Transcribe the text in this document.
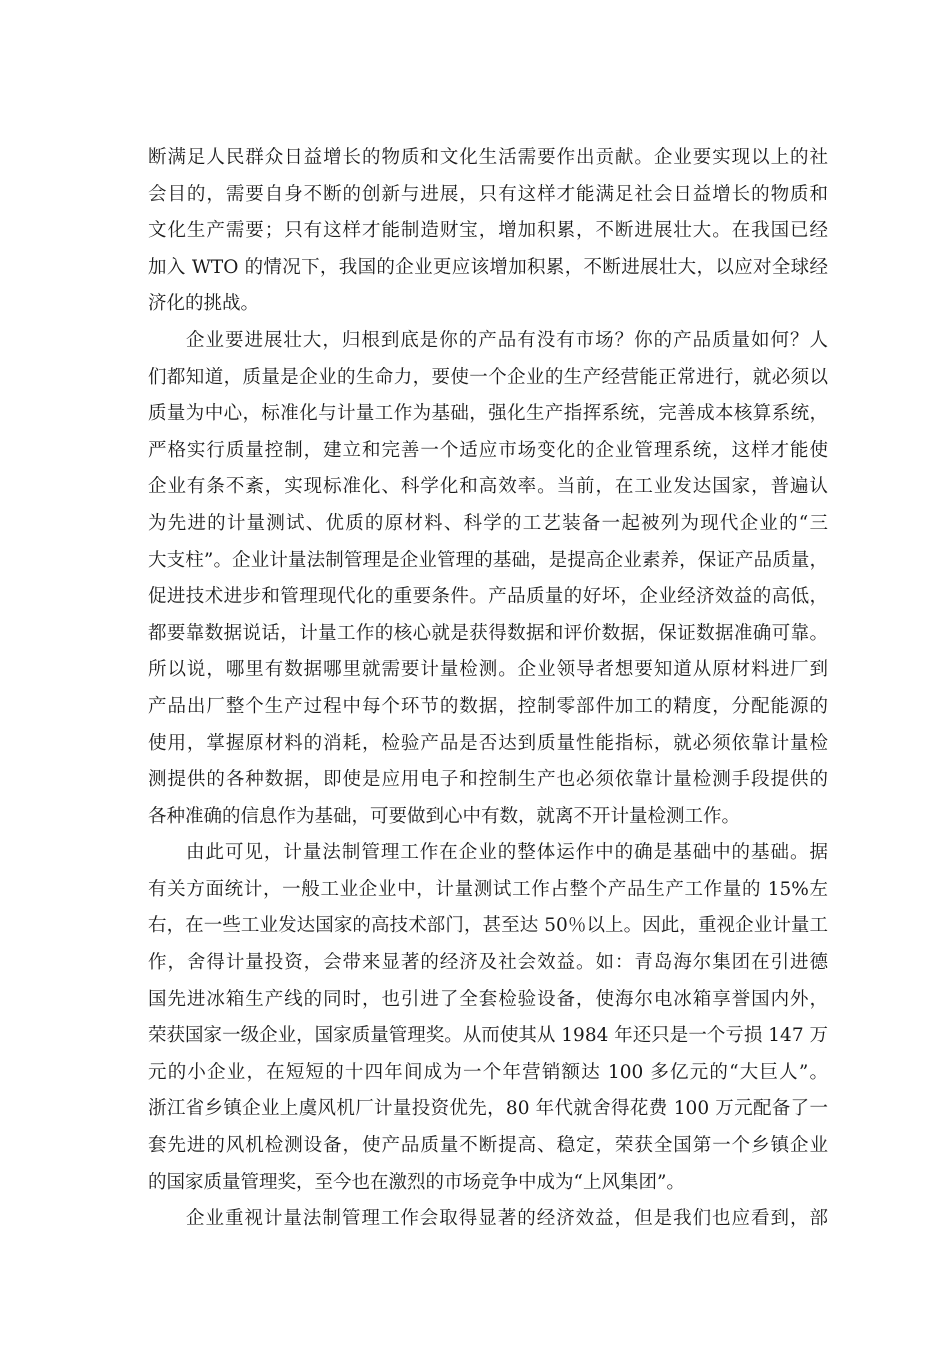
断满足人民群众日益增长的物质和文化生活需要作出贡献。企业要实现以上的社
会目的，需要自身不断的创新与进展，只有这样才能满足社会日益增长的物质和
文化生产需要；只有这样才能制造财宝，增加积累，不断进展壮大。在我国已经
加入 WTO 的情况下，我国的企业更应该增加积累，不断进展壮大，以应对全球经
济化的挑战。
企业要进展壮大，归根到底是你的产品有没有市场？你的产品质量如何？人
们都知道，质量是企业的生命力，要使一个企业的生产经营能正常进行，就必须以
质量为中心，标准化与计量工作为基础，强化生产指挥系统，完善成本核算系统，
严格实行质量控制，建立和完善一个适应市场变化的企业管理系统，这样才能使
企业有条不紊，实现标准化、科学化和高效率。当前，在工业发达国家，普遍认
为先进的计量测试、优质的原材料、科学的工艺装备一起被列为现代企业的“三
大支柱”。企业计量法制管理是企业管理的基础，是提高企业素养，保证产品质量，
促进技术进步和管理现代化的重要条件。产品质量的好坏，企业经济效益的高低，
都要靠数据说话，计量工作的核心就是获得数据和评价数据，保证数据准确可靠。
所以说，哪里有数据哪里就需要计量检测。企业领导者想要知道从原材料进厂到
产品出厂整个生产过程中每个环节的数据，控制零部件加工的精度，分配能源的
使用，掌握原材料的消耗，检验产品是否达到质量性能指标，就必须依靠计量检
测提供的各种数据，即使是应用电子和控制生产也必须依靠计量检测手段提供的
各种准确的信息作为基础，可要做到心中有数，就离不开计量检测工作。
由此可见，计量法制管理工作在企业的整体运作中的确是基础中的基础。据
有关方面统计，一般工业企业中，计量测试工作占整个产品生产工作量的 15%左
右，在一些工业发达国家的高技术部门，甚至达 50％以上。因此，重视企业计量工
作，舍得计量投资，会带来显著的经济及社会效益。如：青岛海尔集团在引进德
国先进冰箱生产线的同时，也引进了全套检验设备，使海尔电冰箱享誉国内外，
荣获国家一级企业，国家质量管理奖。从而使其从 1984 年还只是一个亏损 147 万
元的小企业，在短短的十四年间成为一个年营销额达 100 多亿元的“大巨人”。
浙江省乡镇企业上虞风机厂计量投资优先，80 年代就舍得花费 100 万元配备了一
套先进的风机检测设备，使产品质量不断提高、稳定，荣获全国第一个乡镇企业
的国家质量管理奖，至今也在激烈的市场竞争中成为“上风集团”。
企业重视计量法制管理工作会取得显著的经济效益，但是我们也应看到，部
